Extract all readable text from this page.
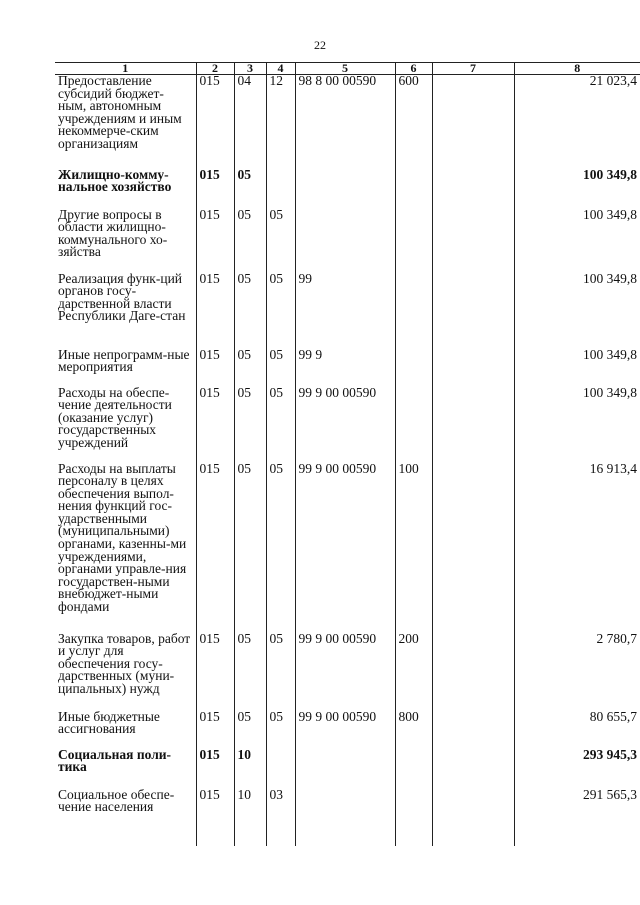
22
1	2	3	4	5	6	7	8
Предоставление субсидий бюджет-ным, автономным учреждениям и иным некоммерче-ским организациям	015	04	12	98 8 00 00590	600		21 023,4
Жилищно-комму-нальное хозяйство	015	05					100 349,8
Другие вопросы в области жилищно-коммунального хо-зяйства	015	05	05				100 349,8
Реализация функ-ций органов госу-дарственной власти Республики Даге-стан	015	05	05	99			100 349,8
Иные непрограмм-ные мероприятия	015	05	05	99 9			100 349,8
Расходы на обеспе-чение деятельности (оказание услуг) государственных учреждений	015	05	05	99 9 00 00590			100 349,8
Расходы на выплаты персоналу в целях обеспечения выпол-нения функций гос-ударственными (муниципальными) органами, казенны-ми учреждениями, органами управле-ния государствен-ными внебюджет-ными фондами	015	05	05	99 9 00 00590	100		16 913,4
Закупка товаров, работ и услуг для обеспечения госу-дарственных (муни-ципальных) нужд	015	05	05	99 9 00 00590	200		2 780,7
Иные бюджетные ассигнования	015	05	05	99 9 00 00590	800		80 655,7
Социальная поли-тика	015	10					293 945,3
Социальное обеспе-чение населения	015	10	03				291 565,3
